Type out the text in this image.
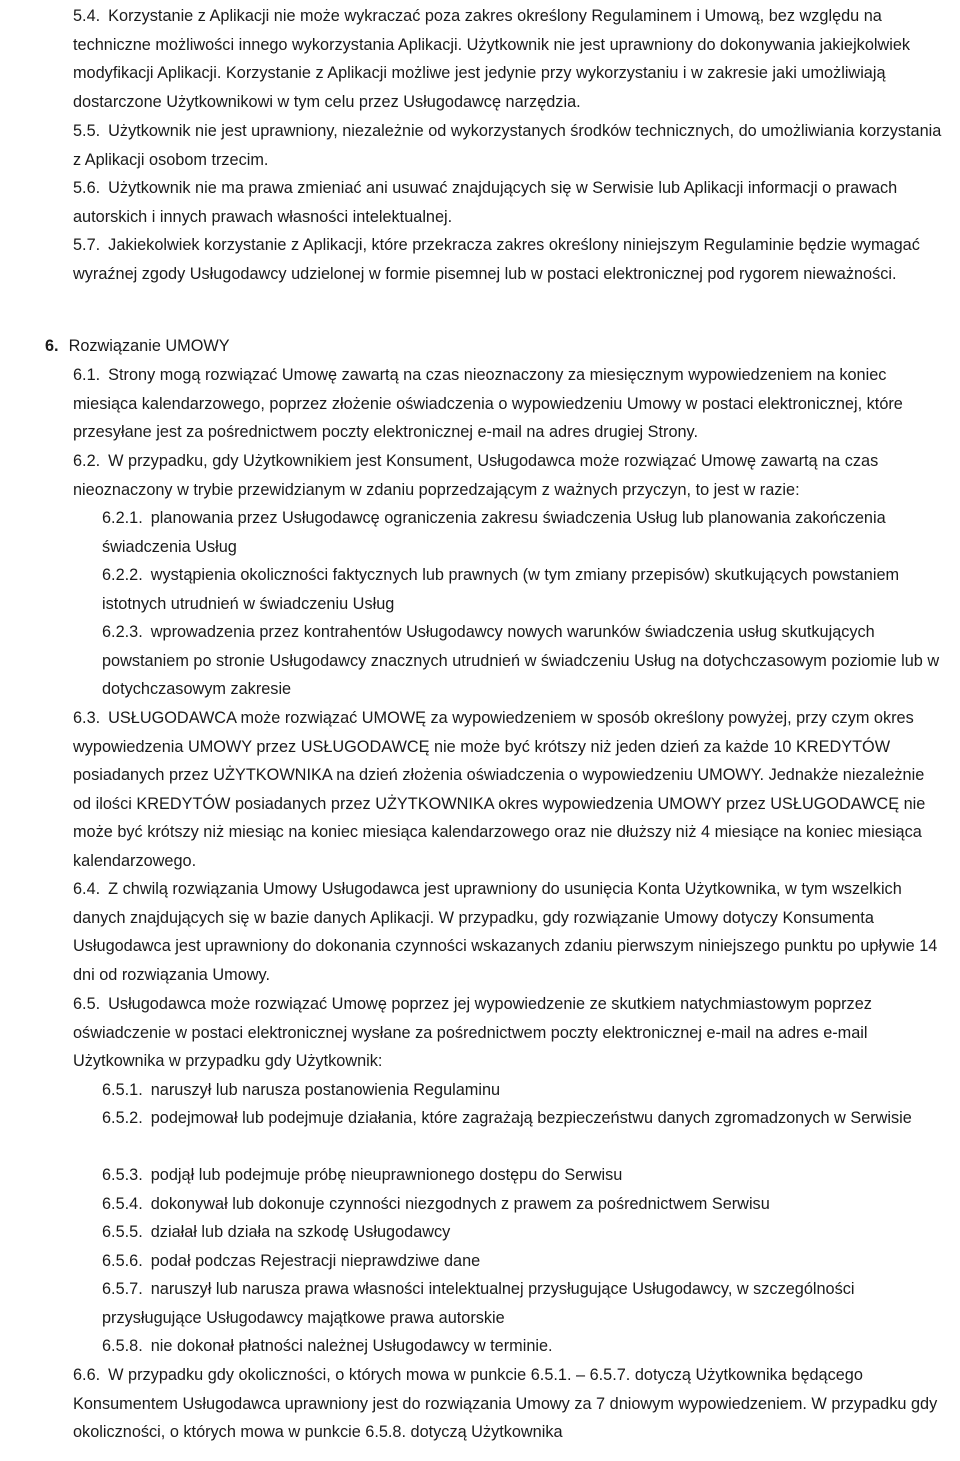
5.4. Korzystanie z Aplikacji nie może wykraczać poza zakres określony Regulaminem i Umową, bez względu na techniczne możliwości innego wykorzystania Aplikacji. Użytkownik nie jest uprawniony do dokonywania jakiejkolwiek modyfikacji Aplikacji. Korzystanie z Aplikacji możliwe jest jedynie przy wykorzystaniu i w zakresie jaki umożliwiają dostarczone Użytkownikowi w tym celu przez Usługodawcę narzędzia.

5.5. Użytkownik nie jest uprawniony, niezależnie od wykorzystanych środków technicznych, do umożliwiania korzystania z Aplikacji osobom trzecim.

5.6. Użytkownik nie ma prawa zmieniać ani usuwać znajdujących się w Serwisie lub Aplikacji informacji o prawach autorskich i innych prawach własności intelektualnej.

5.7. Jakiekolwiek korzystanie z Aplikacji, które przekracza zakres określony niniejszym Regulaminie będzie wymagać wyraźnej zgody Usługodawcy udzielonej w formie pisemnej lub w postaci elektronicznej pod rygorem nieważności.

6. Rozwiązanie UMOWY

6.1. Strony mogą rozwiązać Umowę zawartą na czas nieoznaczony za miesięcznym wypowiedzeniem na koniec miesiąca kalendarzowego, poprzez złożenie oświadczenia o wypowiedzeniu Umowy w postaci elektronicznej, które przesyłane jest za pośrednictwem poczty elektronicznej e-mail na adres drugiej Strony.

6.2. W przypadku, gdy Użytkownikiem jest Konsument, Usługodawca może rozwiązać Umowę zawartą na czas nieoznaczony w trybie przewidzianym w zdaniu poprzedzającym z ważnych przyczyn, to jest w razie:

6.2.1. planowania przez Usługodawcę ograniczenia zakresu świadczenia Usług lub planowania zakończenia świadczenia Usług

6.2.2. wystąpienia okoliczności faktycznych lub prawnych (w tym zmiany przepisów) skutkujących powstaniem istotnych utrudnień w świadczeniu Usług

6.2.3. wprowadzenia przez kontrahentów Usługodawcy nowych warunków świadczenia usług skutkujących powstaniem po stronie Usługodawcy znacznych utrudnień w świadczeniu Usług na dotychczasowym poziomie lub w dotychczasowym zakresie

6.3. USŁUGODAWCA może rozwiązać UMOWĘ za wypowiedzeniem w sposób określony powyżej, przy czym okres wypowiedzenia UMOWY przez USŁUGODAWCĘ nie może być krótszy niż jeden dzień za każde 10 KREDYTÓW posiadanych przez UŻYTKOWNIKA na dzień złożenia oświadczenia o wypowiedzeniu UMOWY. Jednakże niezależnie od ilości KREDYTÓW posiadanych przez UŻYTKOWNIKA okres wypowiedzenia UMOWY przez USŁUGODAWCĘ nie może być krótszy niż miesiąc na koniec miesiąca kalendarzowego oraz nie dłuższy niż 4 miesiące na koniec miesiąca kalendarzowego.

6.4. Z chwilą rozwiązania Umowy Usługodawca jest uprawniony do usunięcia Konta Użytkownika, w tym wszelkich danych znajdujących się w bazie danych Aplikacji. W przypadku, gdy rozwiązanie Umowy dotyczy Konsumenta Usługodawca jest uprawniony do dokonania czynności wskazanych zdaniu pierwszym niniejszego punktu po upływie 14 dni od rozwiązania Umowy.

6.5. Usługodawca może rozwiązać Umowę poprzez jej wypowiedzenie ze skutkiem natychmiastowym poprzez oświadczenie w postaci elektronicznej wysłane za pośrednictwem poczty elektronicznej e-mail na adres e-mail Użytkownika w przypadku gdy Użytkownik:

6.5.1. naruszył lub narusza postanowienia Regulaminu

6.5.2. podejmował lub podejmuje działania, które zagrażają bezpieczeństwu danych zgromadzonych w Serwisie

6.5.3. podjął lub podejmuje próbę nieuprawnionego dostępu do Serwisu

6.5.4. dokonywał lub dokonuje czynności niezgodnych z prawem za pośrednictwem Serwisu

6.5.5. działał lub działa na szkodę Usługodawcy

6.5.6. podał podczas Rejestracji nieprawdziwe dane

6.5.7. naruszył lub narusza prawa własności intelektualnej przysługujące Usługodawcy, w szczególności przysługujące Usługodawcy majątkowe prawa autorskie

6.5.8. nie dokonał płatności należnej Usługodawcy w terminie.

6.6. W przypadku gdy okoliczności, o których mowa w punkcie 6.5.1. – 6.5.7. dotyczą Użytkownika będącego Konsumentem Usługodawca uprawniony jest do rozwiązania Umowy za 7 dniowym wypowiedzeniem. W przypadku gdy okoliczności, o których mowa w punkcie 6.5.8. dotyczą Użytkownika
